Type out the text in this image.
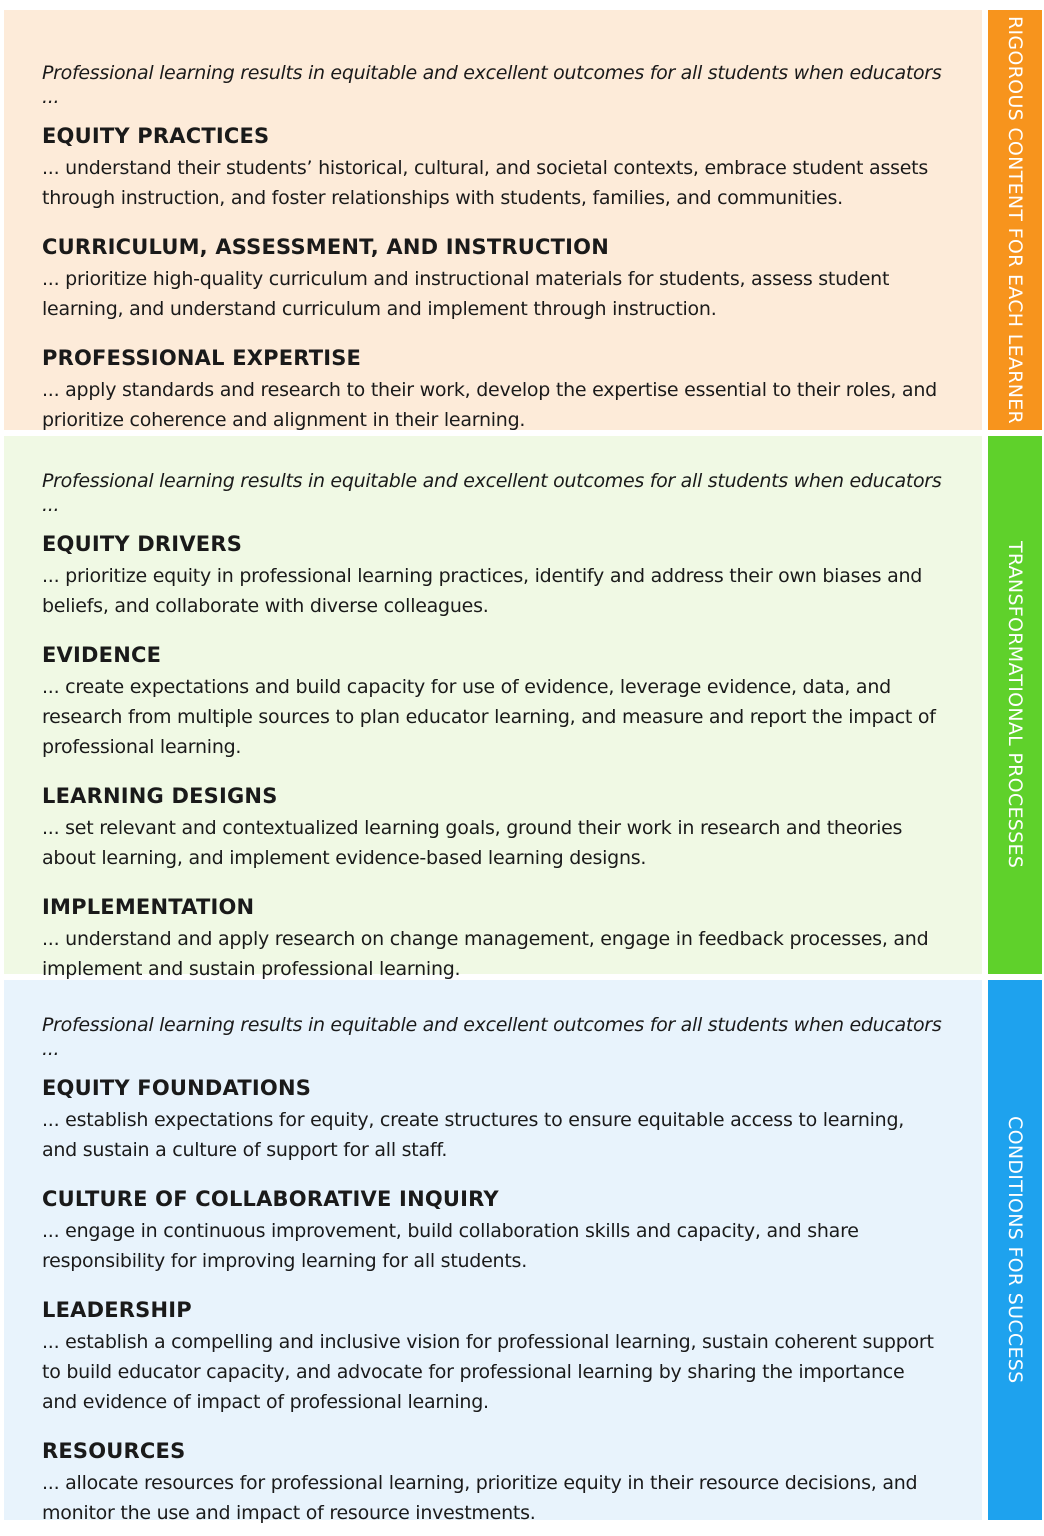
Professional learning results in equitable and excellent outcomes for all students when educators ...

EQUITY PRACTICES

... understand their students’ historical, cultural, and societal contexts, embrace student assets through instruction, and foster relationships with students, families, and communities.

CURRICULUM, ASSESSMENT, AND INSTRUCTION

... prioritize high-quality curriculum and instructional materials for students, assess student learning, and understand curriculum and implement through instruction.

PROFESSIONAL EXPERTISE

... apply standards and research to their work, develop the expertise essential to their roles, and prioritize coherence and alignment in their learning.	RIGOROUS CONTENT FOR EACH LEARNER

Professional learning results in equitable and excellent outcomes for all students when educators ...

EQUITY DRIVERS

... prioritize equity in professional learning practices, identify and address their own biases and beliefs, and collaborate with diverse colleagues.

EVIDENCE

... create expectations and build capacity for use of evidence, leverage evidence, data, and research from multiple sources to plan educator learning, and measure and report the impact of professional learning.

LEARNING DESIGNS

... set relevant and contextualized learning goals, ground their work in research and theories about learning, and implement evidence-based learning designs.

IMPLEMENTATION

... understand and apply research on change management, engage in feedback processes, and implement and sustain professional learning.

TRANSFORMATIONAL PROCESSES

Professional learning results in equitable and excellent outcomes for all students when educators ...

EQUITY FOUNDATIONS

... establish expectations for equity, create structures to ensure equitable access to learning, and sustain a culture of support for all staff.

CULTURE OF COLLABORATIVE INQUIRY

... engage in continuous improvement, build collaboration skills and capacity, and share responsibility for improving learning for all students.

LEADERSHIP

... establish a compelling and inclusive vision for professional learning, sustain coherent support to build educator capacity, and advocate for professional learning by sharing the importance and evidence of impact of professional learning.

RESOURCES

... allocate resources for professional learning, prioritize equity in their resource decisions, and monitor the use and impact of resource investments.

CONDITIONS FOR SUCCESS
